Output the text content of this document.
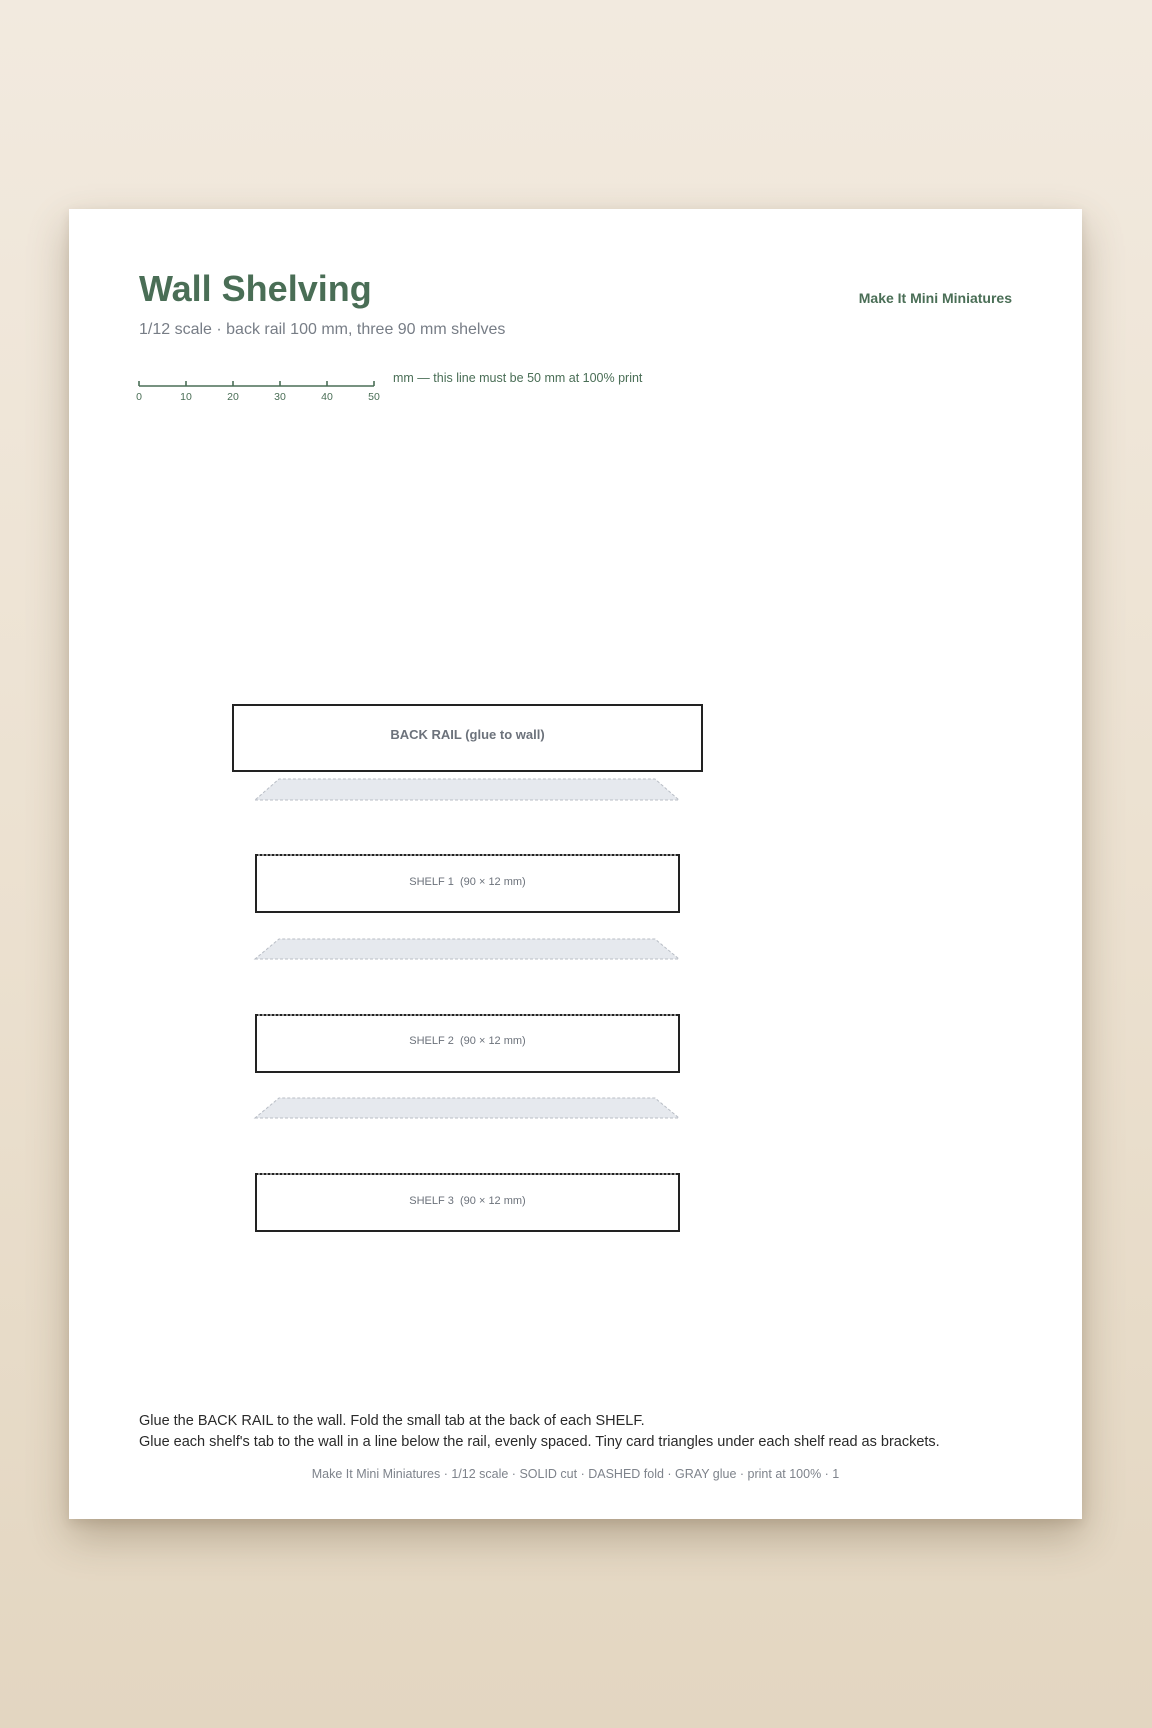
Wall Shelving	Make It Mini Miniatures
1/12 scale · back rail 100 mm, three 90 mm shelves
0	10	20	30	40	50
mm — this line must be 50 mm at 100% print
BACK RAIL (glue to wall)
SHELF 1  (90 × 12 mm)
SHELF 2  (90 × 12 mm)
SHELF 3  (90 × 12 mm)
Glue the BACK RAIL to the wall. Fold the small tab at the back of each SHELF.
Glue each shelf's tab to the wall in a line below the rail, evenly spaced. Tiny card triangles under each shelf read as brackets.
Make It Mini Miniatures · 1/12 scale · SOLID cut · DASHED fold · GRAY glue · print at 100% · 1
